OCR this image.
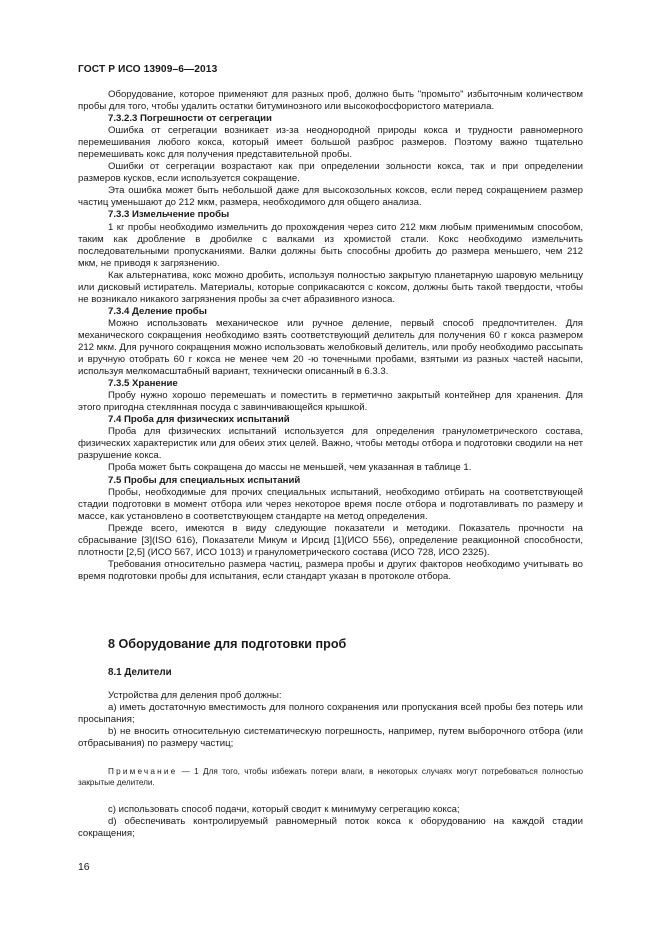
ГОСТ Р ИСО 13909–6—2013

Оборудование, которое применяют для разных проб, должно быть "промыто" избыточным количеством пробы для того, чтобы удалить остатки битуминозного или высокофосфористого материала.

7.3.2.3 Погрешности от сегрегации

Ошибка от сегрегации возникает из-за неоднородной природы кокса и трудности равномерного перемешивания любого кокса, который имеет большой разброс размеров. Поэтому важно тщательно перемешивать кокс для получения представительной пробы.

Ошибки от сегрегации возрастают как при определении зольности кокса, так и при определении размеров кусков, если используется сокращение.

Эта ошибка может быть небольшой даже для высокозольных коксов, если перед сокращением размер частиц уменьшают до 212 мкм, размера, необходимого для общего анализа.

7.3.3 Измельчение пробы

1 кг пробы необходимо измельчить до прохождения через сито 212 мкм любым применимым способом, таким как дробление в дробилке с валками из хромистой стали. Кокс необходимо измельчить последовательными пропусканиями. Валки должны быть способны дробить до размера меньшего, чем 212 мкм, не приводя к загрязнению.

Как альтернатива, кокс можно дробить, используя полностью закрытую планетарную шаровую мельницу или дисковый истиратель. Материалы, которые соприкасаются с коксом, должны быть такой твердости, чтобы не возникало никакого загрязнения пробы за счет абразивного износа.

7.3.4 Деление пробы

Можно использовать механическое или ручное деление, первый способ предпочтителен. Для механического сокращения необходимо взять соответствующий делитель для получения 60 г кокса размером 212 мкм. Для ручного сокращения можно использовать желобковый делитель, или пробу необходимо рассыпать и вручную отобрать 60 г кокса не менее чем 20 -ю точечными пробами, взятыми из разных частей насыпи, используя мелкомасштабный вариант, технически описанный в 6.3.3.

7.3.5 Хранение

Пробу нужно хорошо перемешать и поместить в герметично закрытый контейнер для хранения. Для этого пригодна стеклянная посуда с завинчивающейся крышкой.

7.4 Проба для физических испытаний

Проба для физических испытаний используется для определения гранулометрического состава, физических характеристик или для обеих этих целей. Важно, чтобы методы отбора и подготовки сводили на нет разрушение кокса.

Проба может быть сокращена до массы не меньшей, чем указанная в таблице 1.

7.5 Пробы для специальных испытаний

Пробы, необходимые для прочих специальных испытаний, необходимо отбирать на соответствующей стадии подготовки в момент отбора или через некоторое время после отбора и подготавливать по размеру и массе, как установлено в соответствующем стандарте на метод определения.

Прежде всего, имеются в виду следующие показатели и методики. Показатель прочности на сбрасывание [3](ISO 616), Показатели Микум и Ирсид [1](ИСО 556), определение реакционной способности, плотности [2,5] (ИСО 567, ИСО 1013) и гранулометрического состава (ИСО 728, ИСО 2325).

Требования относительно размера частиц, размера пробы и других факторов необходимо учитывать во время подготовки пробы для испытания, если стандарт указан в протоколе отбора.

8 Оборудование для подготовки проб
8.1 Делители

Устройства для деления проб должны:

a) иметь достаточную вместимость для полного сохранения или пропускания всей пробы без потерь или просыпания;

b) не вносить относительную систематическую погрешность, например, путем выборочного отбора (или отбрасывания) по размеру частиц;

Примечание — 1 Для того, чтобы избежать потери влаги, в некоторых случаях могут потребоваться полностью закрытые делители.

c) использовать способ подачи, который сводит к минимуму сегрегацию кокса;

d) обеспечивать контролируемый равномерный поток кокса к оборудованию на каждой стадии сокращения;

16
